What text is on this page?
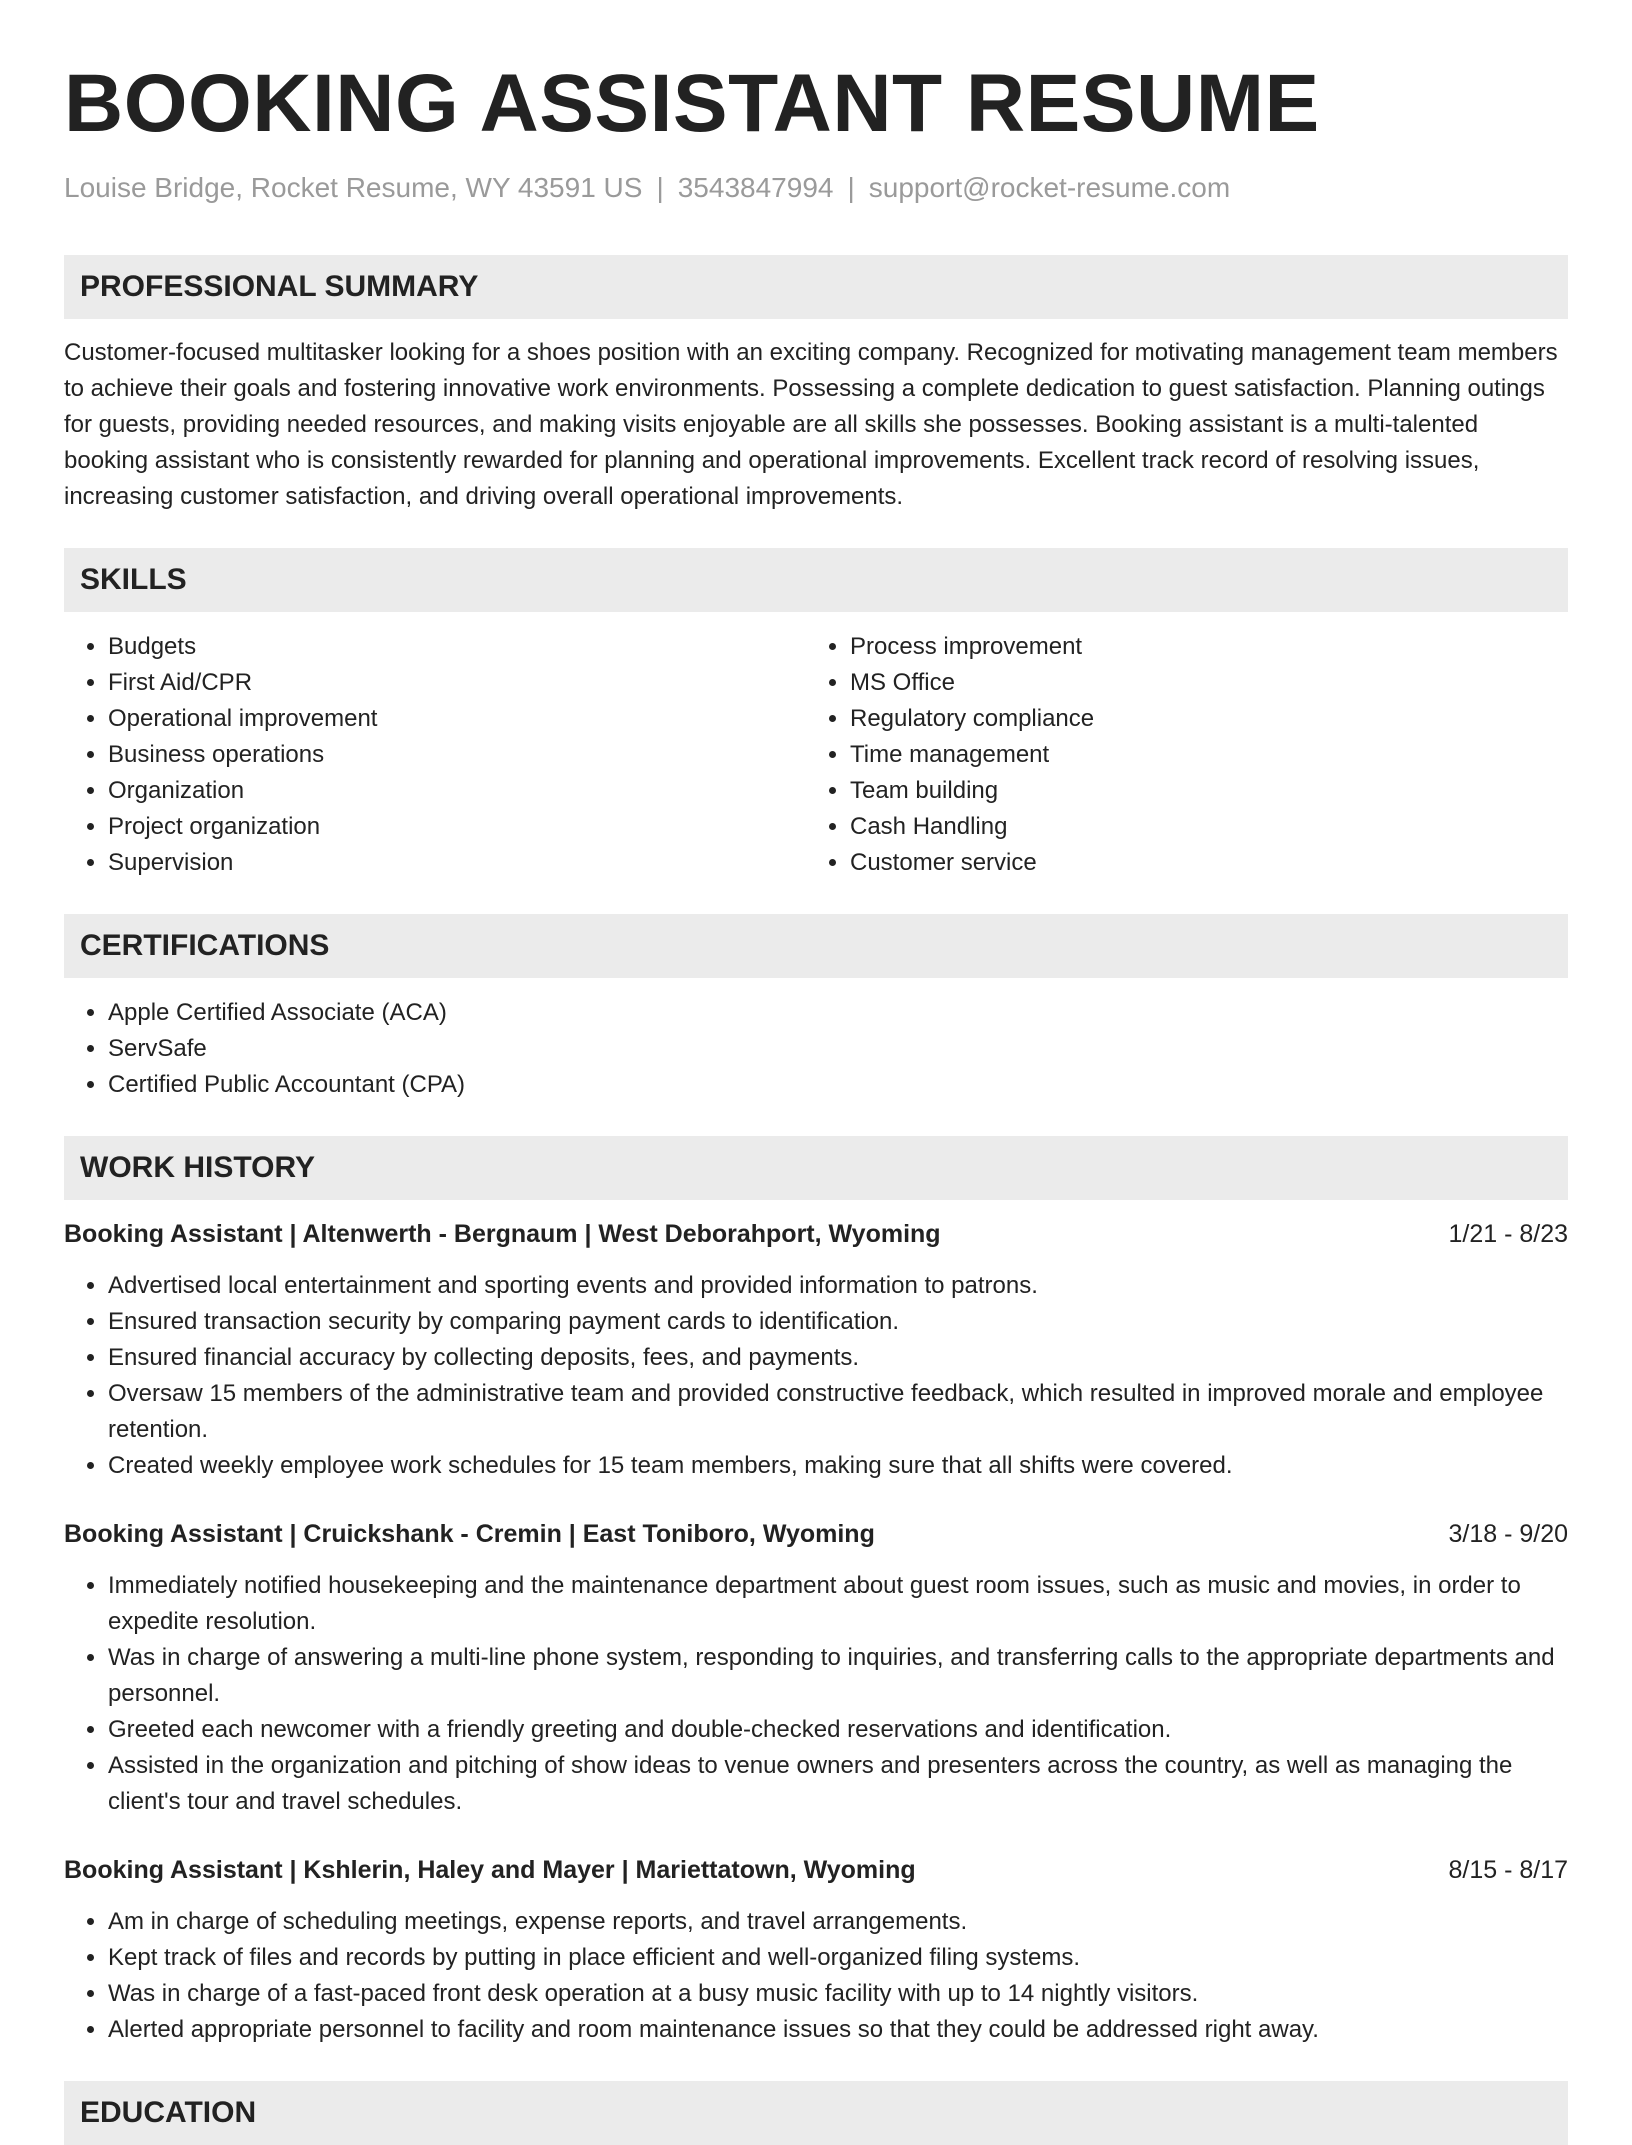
BOOKING ASSISTANT RESUME
Louise Bridge, Rocket Resume, WY 43591 US | 3543847994 | support@rocket-resume.com
PROFESSIONAL SUMMARY

Customer-focused multitasker looking for a shoes position with an exciting company. Recognized for motivating management team members to achieve their goals and fostering innovative work environments. Possessing a complete dedication to guest satisfaction. Planning outings for guests, providing needed resources, and making visits enjoyable are all skills she possesses. Booking assistant is a multi-talented booking assistant who is consistently rewarded for planning and operational improvements. Excellent track record of resolving issues, increasing customer satisfaction, and driving overall operational improvements.

SKILLS
• Budgets
• First Aid/CPR
• Operational improvement
• Business operations
• Organization
• Project organization
• Supervision
• Process improvement
• MS Office
• Regulatory compliance
• Time management
• Team building
• Cash Handling
• Customer service
CERTIFICATIONS
• Apple Certified Associate (ACA)
• ServSafe
• Certified Public Accountant (CPA)
WORK HISTORY
Booking Assistant | Altenwerth - Bergnaum | West Deborahport, Wyoming	1/21 - 8/23
• Advertised local entertainment and sporting events and provided information to patrons.
• Ensured transaction security by comparing payment cards to identification.
• Ensured financial accuracy by collecting deposits, fees, and payments.
• Oversaw 15 members of the administrative team and provided constructive feedback, which resulted in improved morale and employee retention.
• Created weekly employee work schedules for 15 team members, making sure that all shifts were covered.
Booking Assistant | Cruickshank - Cremin | East Toniboro, Wyoming	3/18 - 9/20
• Immediately notified housekeeping and the maintenance department about guest room issues, such as music and movies, in order to expedite resolution.
• Was in charge of answering a multi-line phone system, responding to inquiries, and transferring calls to the appropriate departments and personnel.
• Greeted each newcomer with a friendly greeting and double-checked reservations and identification.
• Assisted in the organization and pitching of show ideas to venue owners and presenters across the country, as well as managing the client's tour and travel schedules.
Booking Assistant | Kshlerin, Haley and Mayer | Mariettatown, Wyoming	8/15 - 8/17
• Am in charge of scheduling meetings, expense reports, and travel arrangements.
• Kept track of files and records by putting in place efficient and well-organized filing systems.
• Was in charge of a fast-paced front desk operation at a busy music facility with up to 14 nightly visitors.
• Alerted appropriate personnel to facility and room maintenance issues so that they could be addressed right away.
EDUCATION
